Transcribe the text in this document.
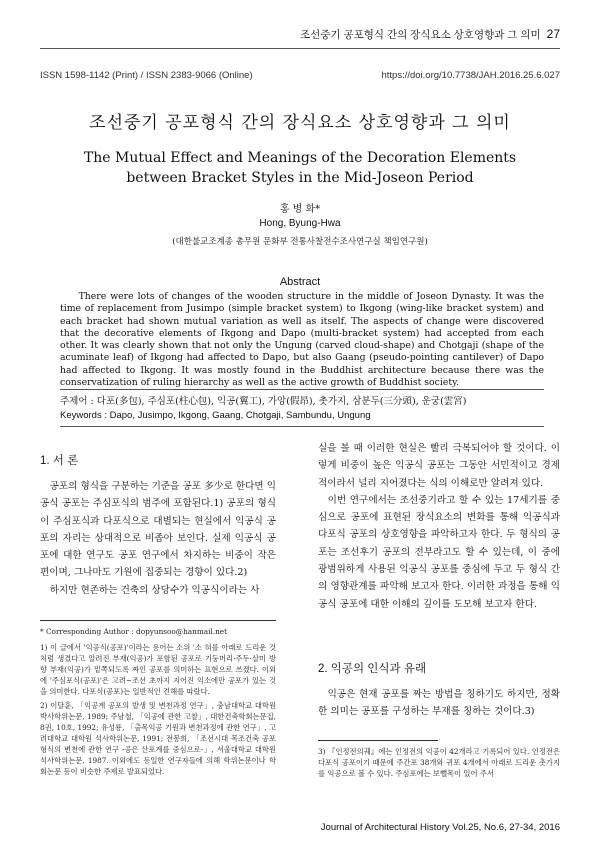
조선중기 공포형식 간의 장식요소 상호영향과 그 의미 27
ISSN 1598-1142 (Print) / ISSN 2383-9066 (Online)	https://doi.org/10.7738/JAH.2016.25.6.027
조선중기 공포형식 간의 장식요소 상호영향과 그 의미
The Mutual Effect and Meanings of the Decoration Elements
between Bracket Styles in the Mid-Joseon Period
홍 병 화*
Hong, Byung-Hwa
(대한불교조계종 총무원 문화부 전통사찰전수조사연구실 책임연구원)
Abstract
There were lots of changes of the wooden structure in the middle of Joseon Dynasty. It was the time of replacement from Jusimpo (simple bracket system) to Ikgong (wing-like bracket system) and each bracket had shown mutual variation as well as itself. The aspects of change were discovered that the decorative elements of Ikgong and Dapo (multi-bracket system) had accepted from each other. It was clearly shown that not only the Ungung (carved cloud-shape) and Chotgaji (shape of the acuminate leaf) of Ikgong had affected to Dapo, but also Gaang (pseudo-pointing cantilever) of Dapo had affected to Ikgong. It was mostly found in the Buddhist architecture because there was the conservatization of ruling hierarchy as well as the active growth of Buddhist society.
주제어 : 다포(多包), 주심포(柱心包), 익공(翼工), 가앙(假昂), 촛가지, 삼분두(三分頭), 운궁(雲宮)
Keywords : Dapo, Jusimpo, Ikgong, Gaang, Chotgaji, Sambundu, Ungung
1. 서 론

공포의 형식을 구분하는 기준을 공포 多少로 한다면 익공식 공포는 주심포식의 범주에 포함된다.1) 공포의 형식이 주심포식과 다포식으로 대별되는 현실에서 익공식 공포의 자리는 상대적으로 비좁아 보인다. 실제 익공식 공포에 대한 연구도 공포 연구에서 차지하는 비중이 작은 편이며, 그나마도 기원에 집중되는 경향이 있다.2)

하지만 현존하는 건축의 상당수가 익공식이라는 사

실을 볼 때 이러한 현실은 빨리 극복되어야 할 것이다. 이렇게 비중이 높은 익공식 공포는 그동안 서민적이고 경제적이라서 널리 지어졌다는 식의 이해로만 알려져 있다.

이번 연구에서는 조선중기라고 할 수 있는 17세기를 중심으로 공포에 표현된 장식요소의 변화를 통해 익공식과 다포식 공포의 상호영향을 파악하고자 한다. 두 형식의 공포는 조선후기 공포의 전부라고도 할 수 있는데, 이 중에 광범위하게 사용된 익공식 공포를 중심에 두고 두 형식 간의 영향관계를 파악해 보고자 한다. 이러한 과정을 통해 익공식 공포에 대한 이해의 깊이를 도모해 보고자 한다.

2. 익공의 인식과 유래

익공은 현재 공포를 짜는 방법을 칭하기도 하지만, 정확한 의미는 공포를 구성하는 부재를 칭하는 것이다.3)

* Corresponding Author : dopyunsoo@hanmail.net
1) 이 글에서 '익공식(공포)'이라는 용어는 소위 '소 혀를 아래로 드리운 것처럼 생겼다고 알려진 부재(익공)가 포함된 공포로 기둥머리·주두·살미 방향 부재(익공)가 밑쪽되도록 짜인 공포를 의미하는 표현으로 쓰겠다. 이외에 '주심포식(공포)'은 고려~조선 초까지 지어진 익소에만 공포가 있는 것을 의미한다. 다포식(공포)는 일반적인 견해를 따랐다.
2) 이달훈, 「익공계 공포의 발생 및 변천과정 연구」, 충남대학교 대학원 박사학위논문, 1989; 주남철, 「익공에 관한 고찰」, 대한건축학회논문집, 8권, 10호, 1992; 유성룡, 「출목익공 기원과 변천과정에 관한 연구」, 고려대학교 대학원 석사학위논문, 1991; 전봉희, 「조선시대 목조건축 공포형식의 변천에 관한 연구 -공은 산포계를 중심으로-」, 서울대학교 대학원 석사학위논문, 1987. 이외에도 동일한 연구자들에 의해 학위논문이나 학회논문 등이 비슷한 주제로 발표되었다.
3) 『인정전의궤』에는 인정전의 익공이 42개라고 기록되어 있다. 인정전은 다포식 공포이기 때문에 주간포 38개와 귀포 4개에서 아래로 드리운 촛가지를 익공으로 볼 수 있다. 주심포에는 보뺄목이 있어 주서
Journal of Architectural History Vol.25, No.6, 27-34, 2016
